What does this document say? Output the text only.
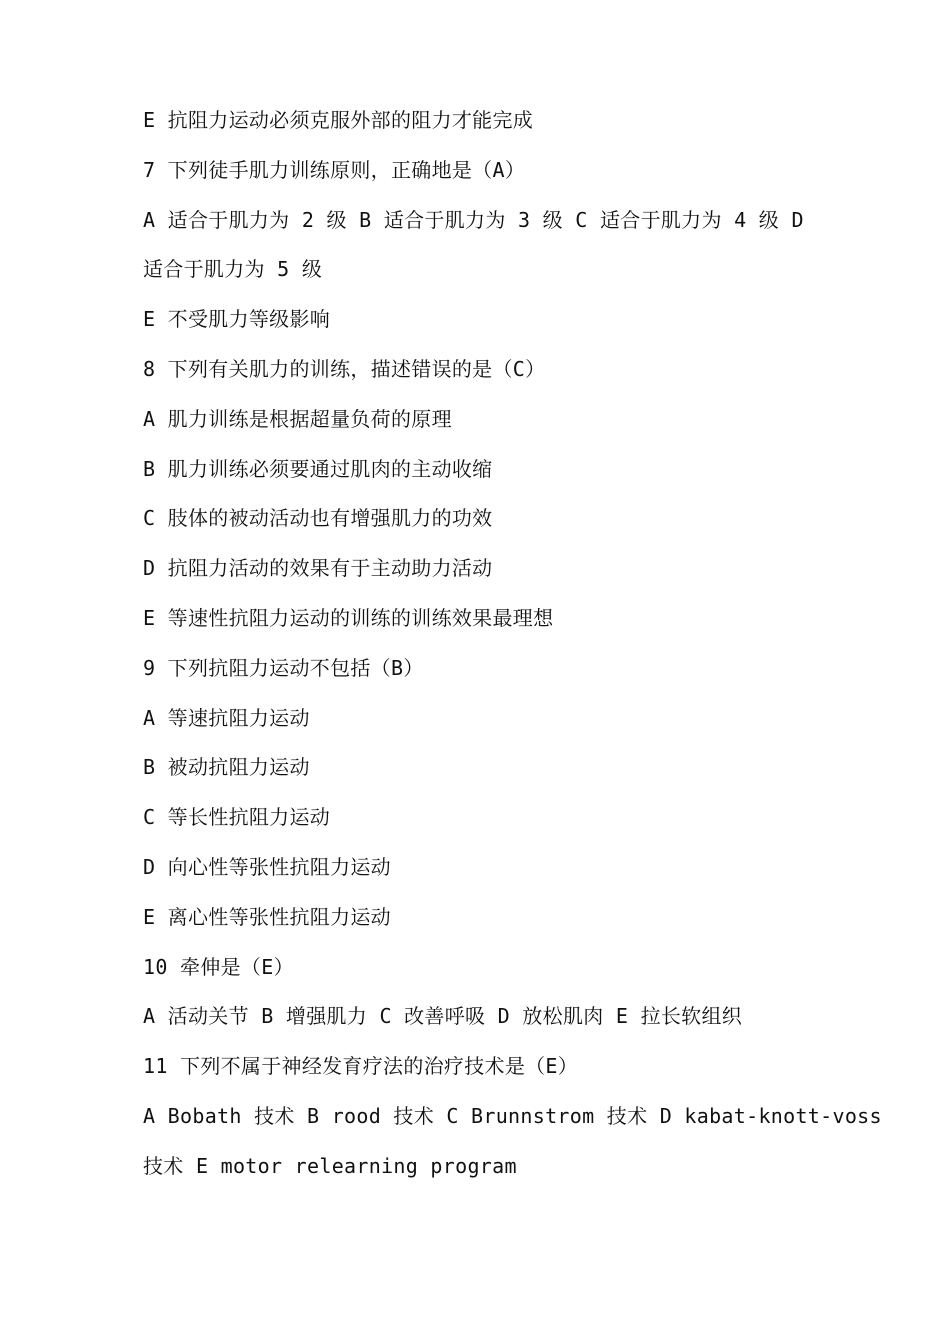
E 抗阻力运动必须克服外部的阻力才能完成
7 下列徒手肌力训练原则，正确地是（A）
A 适合于肌力为 2 级 B 适合于肌力为 3 级 C 适合于肌力为 4 级 D
适合于肌力为 5 级
E 不受肌力等级影响
8 下列有关肌力的训练，描述错误的是（C）
A 肌力训练是根据超量负荷的原理
B 肌力训练必须要通过肌肉的主动收缩
C 肢体的被动活动也有增强肌力的功效
D 抗阻力活动的效果有于主动助力活动
E 等速性抗阻力运动的训练的训练效果最理想
9 下列抗阻力运动不包括（B）
A 等速抗阻力运动
B 被动抗阻力运动
C 等长性抗阻力运动
D 向心性等张性抗阻力运动
E 离心性等张性抗阻力运动
10 牵伸是（E）
A 活动关节 B 增强肌力 C 改善呼吸 D 放松肌肉 E 拉长软组织
11 下列不属于神经发育疗法的治疗技术是（E）
A Bobath 技术 B rood 技术 C Brunnstrom 技术 D kabat-knott-voss
技术 E motor relearning program
